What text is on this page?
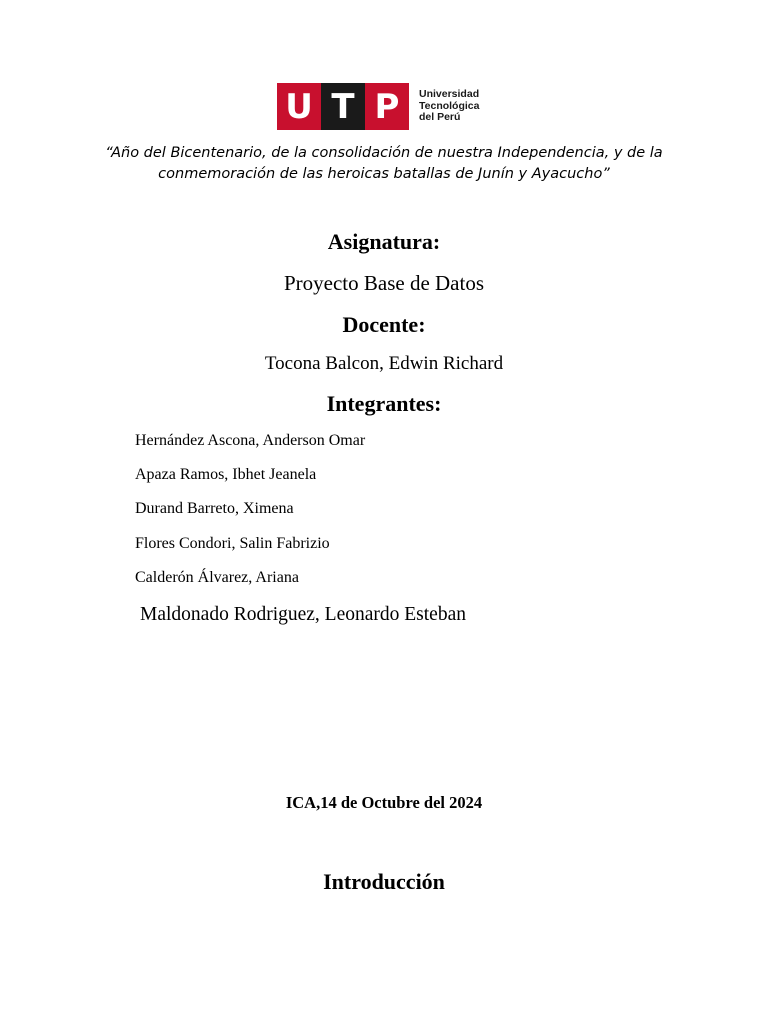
U T P	Universidad
Tecnológica
del Perú
“Año del Bicentenario, de la consolidación de nuestra Independencia, y de la
conmemoración de las heroicas batallas de Junín y Ayacucho”
Asignatura:
Proyecto Base de Datos
Docente:
Tocona Balcon, Edwin Richard
Integrantes:
Hernández Ascona, Anderson Omar
Apaza Ramos, Ibhet Jeanela
Durand Barreto, Ximena
Flores Condori, Salin Fabrizio
Calderón Álvarez, Ariana
Maldonado Rodriguez, Leonardo Esteban
ICA,14 de Octubre del 2024
Introducción
